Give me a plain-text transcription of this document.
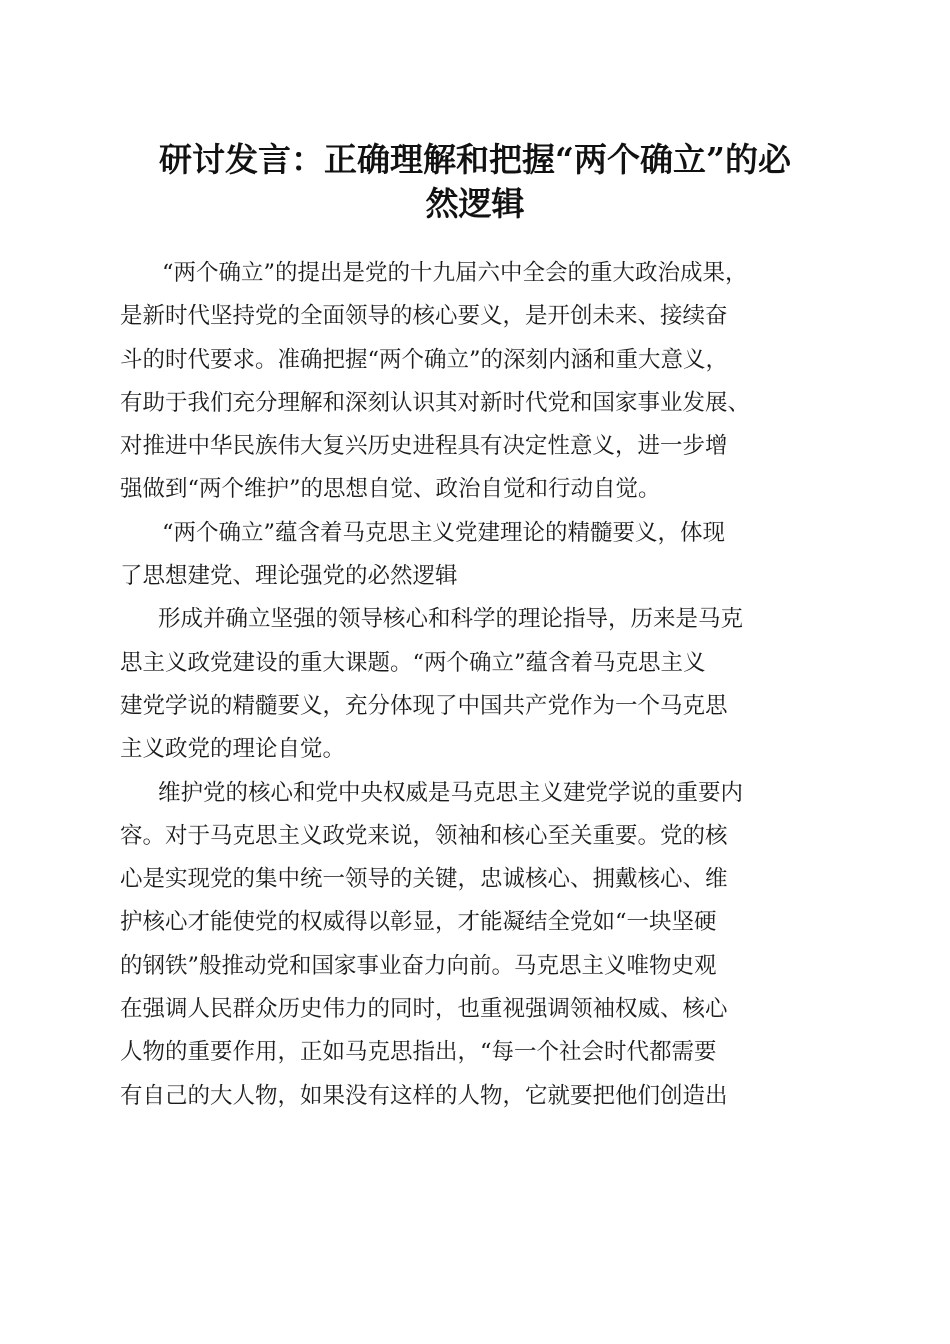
研讨发言：正确理解和把握“两个确立”的必
然逻辑
“两个确立”的提出是党的十九届六中全会的重大政治成果，
是新时代坚持党的全面领导的核心要义，是开创未来、接续奋
斗的时代要求。准确把握“两个确立”的深刻内涵和重大意义，
有助于我们充分理解和深刻认识其对新时代党和国家事业发展、
对推进中华民族伟大复兴历史进程具有决定性意义，进一步增
强做到“两个维护”的思想自觉、政治自觉和行动自觉。
“两个确立”蕴含着马克思主义党建理论的精髓要义，体现
了思想建党、理论强党的必然逻辑
形成并确立坚强的领导核心和科学的理论指导，历来是马克
思主义政党建设的重大课题。“两个确立”蕴含着马克思主义
建党学说的精髓要义，充分体现了中国共产党作为一个马克思
主义政党的理论自觉。
维护党的核心和党中央权威是马克思主义建党学说的重要内
容。对于马克思主义政党来说，领袖和核心至关重要。党的核
心是实现党的集中统一领导的关键，忠诚核心、拥戴核心、维
护核心才能使党的权威得以彰显，才能凝结全党如“一块坚硬
的钢铁”般推动党和国家事业奋力向前。马克思主义唯物史观
在强调人民群众历史伟力的同时，也重视强调领袖权威、核心
人物的重要作用，正如马克思指出，“每一个社会时代都需要
有自己的大人物，如果没有这样的人物，它就要把他们创造出
